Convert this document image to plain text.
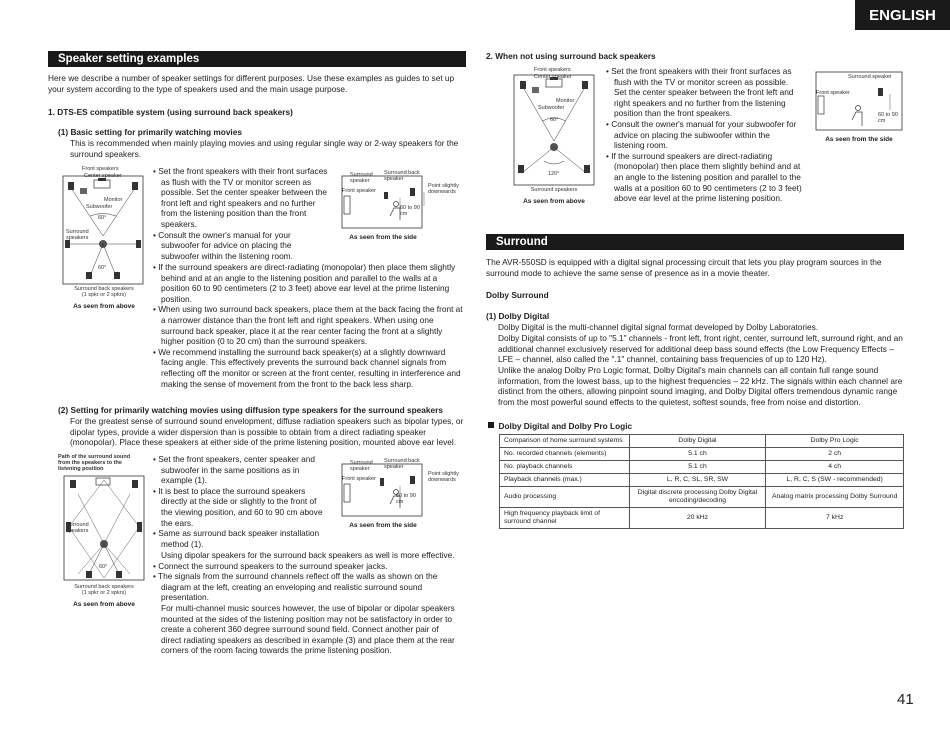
ENGLISH
Speaker setting examples

Here we describe a number of speaker settings for different purposes. Use these examples as guides to set up your system according to the type of speakers used and the main usage purpose.

1. DTS-ES compatible system (using surround back speakers)

(1) Basic setting for primarily watching movies

This is recommended when mainly playing movies and using regular single way or 2-way speakers for the surround speakers.

Front speakers
Center speaker
Monitor
Subwoofer
60°
Surround speakers
60°
Surround back speakers
(1 spkr or 2 spkrs)
As seen from above

Surround speaker
Surround back speaker
Point slightly downwards
Front speaker
60 to 90 cm
As seen from the side
• Set the front speakers with their front surfaces as flush with the TV or monitor screen as possible. Set the center speaker between the front left and right speakers and no further from the listening position than the front speakers.
• Consult the owner's manual for your subwoofer for advice on placing the subwoofer within the listening room.
• If the surround speakers are direct-radiating (monopolar) then place them slightly behind and at an angle to the listening position and parallel to the walls at a position 60 to 90 centimeters (2 to 3 feet) above ear level at the prime listening position.
• When using two surround back speakers, place them at the back facing the front at a narrower distance than the front left and right speakers. When using one surround back speaker, place it at the rear center facing the front at a slightly higher position (0 to 20 cm) than the surround speakers.
• We recommend installing the surround back speaker(s) at a slightly downward facing angle. This effectively prevents the surround back channel signals from reflecting off the monitor or screen at the front center, resulting in interference and making the sense of movement from the front to the back less sharp.

(2) Setting for primarily watching movies using diffusion type speakers for the surround speakers

For the greatest sense of surround sound envelopment, diffuse radiation speakers such as bipolar types, or dipolar types, provide a wider dispersion than is possible to obtain from a direct radiating speaker (monopolar). Place these speakers at either side of the prime listening position, mounted above ear level.

Path of the surround sound from the speakers to the listening position
Surround speakers
60°
Surround back speakers
(1 spkr or 2 spkrs)
As seen from above
Surround speaker
Surround back speaker
Point slightly downwards
Front speaker
60 to 90 cm
As seen from the side
• Set the front speakers, center speaker and subwoofer in the same positions as in example (1).
• It is best to place the surround speakers directly at the side or slightly to the front of the viewing position, and 60 to 90 cm above the ears.
• Same as surround back speaker installation method (1).
Using dipolar speakers for the surround back speakers as well is more effective.
• Connect the surround speakers to the surround speaker jacks.
• The signals from the surround channels reflect off the walls as shown on the diagram at the left, creating an enveloping and realistic surround sound presentation.
For multi-channel music sources however, the use of bipolar or dipolar speakers mounted at the sides of the listening position may not be satisfactory in order to create a coherent 360 degree surround sound field. Connect another pair of direct radiating speakers as described in example (3) and place them at the rear corners of the room facing towards the prime listening position.

2. When not using surround back speakers

Front speakers
Center speaker
Monitor
Subwoofer
60°
120°
Surround speakers
As seen from above
• Set the front speakers with their front surfaces as flush with the TV or monitor screen as possible. Set the center speaker between the front left and right speakers and no further from the listening position than the front speakers.
• Consult the owner's manual for your subwoofer for advice on placing the subwoofer within the listening room.
• If the surround speakers are direct-radiating (monopolar) then place them slightly behind and at an angle to the listening position and parallel to the walls at a position 60 to 90 centimeters (2 to 3 feet) above ear level at the prime listening position.
Surround speaker
Front speaker
60 to 90 cm
As seen from the side
Surround

The AVR-550SD is equipped with a digital signal processing circuit that lets you play program sources in the surround mode to achieve the same sense of presence as in a movie theater.

Dolby Surround

(1) Dolby Digital

Dolby Digital is the multi-channel digital signal format developed by Dolby Laboratories.

Dolby Digital consists of up to "5.1" channels - front left, front right, center, surround left, surround right, and an additional channel exclusively reserved for additional deep bass sound effects (the Low Frequency Effects – LFE – channel, also called the ".1" channel, containing bass frequencies of up to 120 Hz).

Unlike the analog Dolby Pro Logic format, Dolby Digital's main channels can all contain full range sound information, from the lowest bass, up to the highest frequencies – 22 kHz. The signals within each channel are distinct from the others, allowing pinpoint sound imaging, and Dolby Digital offers tremendous dynamic range from the most powerful sound effects to the quietest, softest sounds, free from noise and distortion.

Dolby Digital and Dolby Pro Logic
Comparison of home surround systems	Dolby Digital	Dolby Pro Logic
No. recorded channels (elements)	5.1 ch	2 ch
No. playback channels	5.1 ch	4 ch
Playback channels (max.)	L, R, C, SL, SR, SW	L, R, C, S (SW - recommended)
Audio processing	Digital discrete processing Dolby Digital encoding/decoding	Analog matrix processing Dolby Surround
High frequency playback limit of surround channel	20 kHz	7 kHz
41
